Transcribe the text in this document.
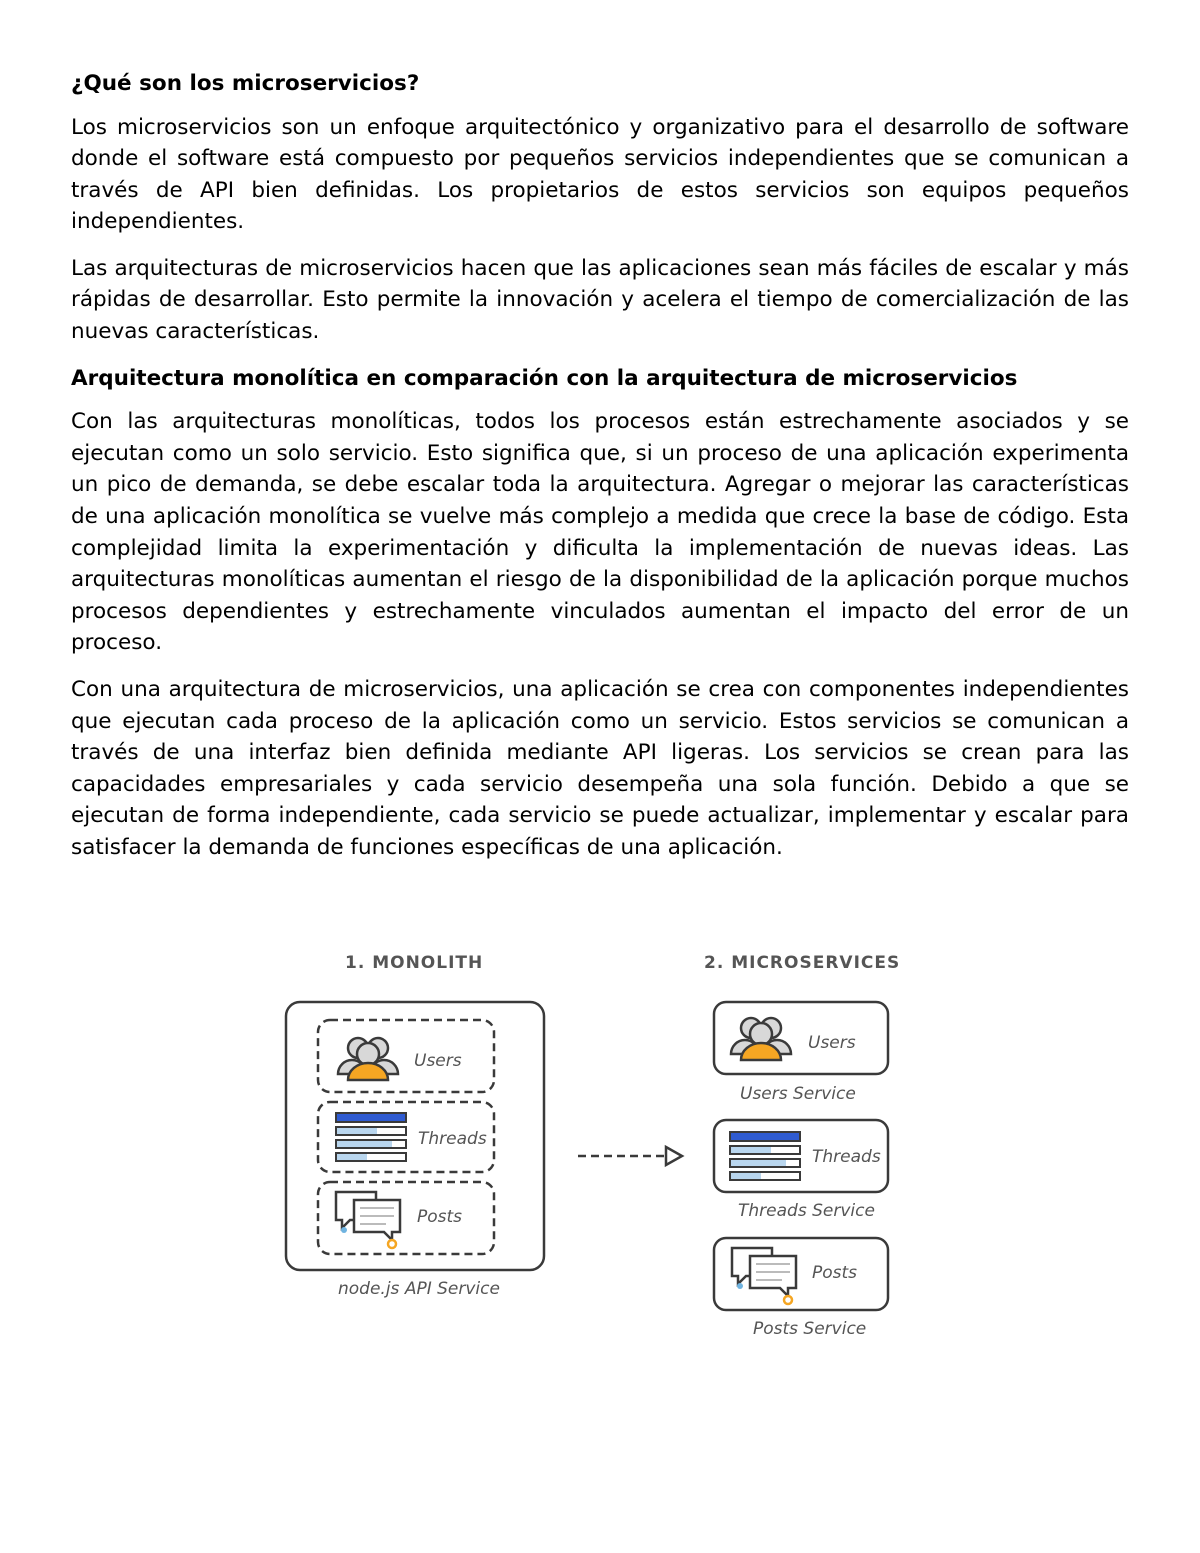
¿Qué son los microservicios?

Los microservicios son un enfoque arquitectónico y organizativo para el desarrollo de software donde el software está compuesto por pequeños servicios independientes que se comunican a través de API bien definidas. Los propietarios de estos servicios son equipos pequeños independientes.

Las arquitecturas de microservicios hacen que las aplicaciones sean más fáciles de escalar y más rápidas de desarrollar. Esto permite la innovación y acelera el tiempo de comercialización de las nuevas características.

Arquitectura monolítica en comparación con la arquitectura de microservicios

Con las arquitecturas monolíticas, todos los procesos están estrechamente asociados y se ejecutan como un solo servicio. Esto significa que, si un proceso de una aplicación experimenta un pico de demanda, se debe escalar toda la arquitectura. Agregar o mejorar las características de una aplicación monolítica se vuelve más complejo a medida que crece la base de código. Esta complejidad limita la experimentación y dificulta la implementación de nuevas ideas. Las arquitecturas monolíticas aumentan el riesgo de la disponibilidad de la aplicación porque muchos procesos dependientes y estrechamente vinculados aumentan el impacto del error de un proceso.

Con una arquitectura de microservicios, una aplicación se crea con componentes independientes que ejecutan cada proceso de la aplicación como un servicio. Estos servicios se comunican a través de una interfaz bien definida mediante API ligeras. Los servicios se crean para las capacidades empresariales y cada servicio desempeña una sola función. Debido a que se ejecutan de forma independiente, cada servicio se puede actualizar, implementar y escalar para satisfacer la demanda de funciones específicas de una aplicación.

1. MONOLITH
Users
Threads
Posts
node.js API Service
2. MICROSERVICES
Users
Users Service
Threads
Threads Service
Posts
Posts Service
